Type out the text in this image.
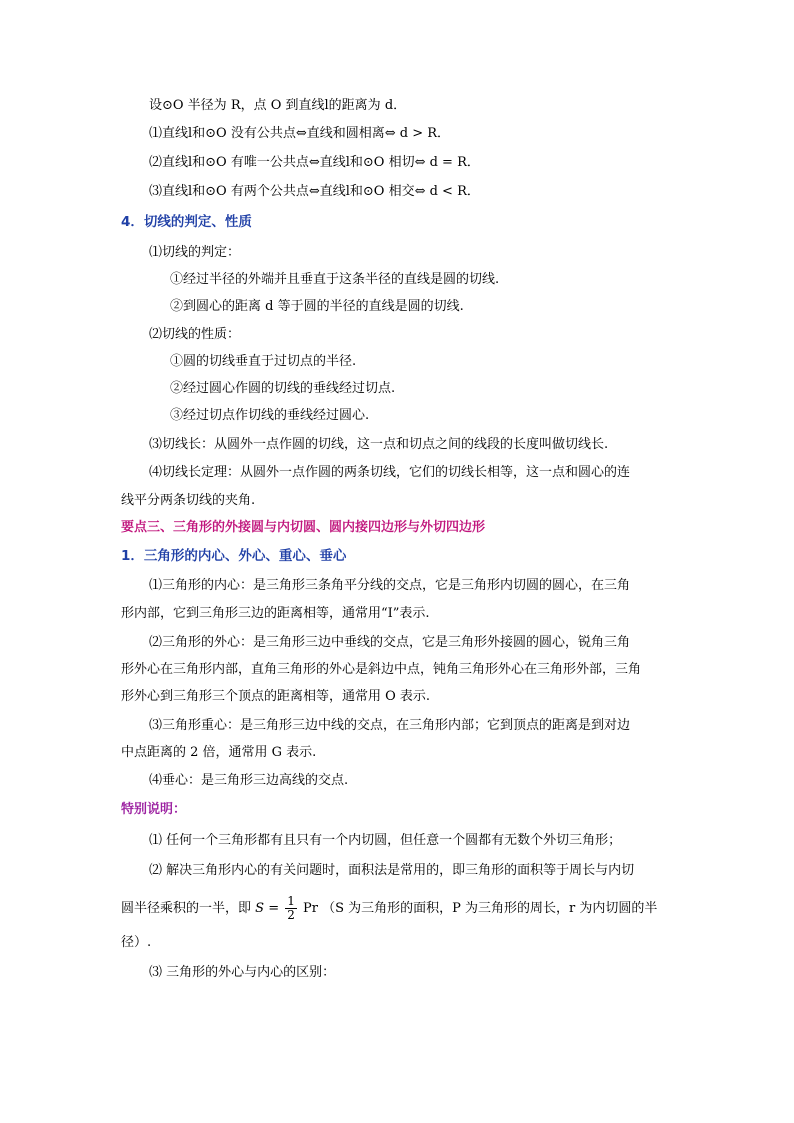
设⊙O 半径为 R，点 O 到直线l的距离为 d．
⑴直线l和⊙O 没有公共点⇔直线和圆相离⇔ d > R．
⑵直线l和⊙O 有唯一公共点⇔直线l和⊙O 相切⇔ d = R．
⑶直线l和⊙O 有两个公共点⇔直线l和⊙O 相交⇔ d < R．
4．切线的判定、性质
⑴切线的判定：
①经过半径的外端并且垂直于这条半径的直线是圆的切线.
②到圆心的距离 d 等于圆的半径的直线是圆的切线.
⑵切线的性质：
①圆的切线垂直于过切点的半径.
②经过圆心作圆的切线的垂线经过切点.
③经过切点作切线的垂线经过圆心.
⑶切线长：从圆外一点作圆的切线，这一点和切点之间的线段的长度叫做切线长.
⑷切线长定理：从圆外一点作圆的两条切线，它们的切线长相等，这一点和圆心的连
线平分两条切线的夹角.
要点三、三角形的外接圆与内切圆、圆内接四边形与外切四边形
1．三角形的内心、外心、重心、垂心
⑴三角形的内心：是三角形三条角平分线的交点，它是三角形内切圆的圆心，在三角
形内部，它到三角形三边的距离相等，通常用“I”表示.
⑵三角形的外心：是三角形三边中垂线的交点，它是三角形外接圆的圆心，锐角三角
形外心在三角形内部，直角三角形的外心是斜边中点，钝角三角形外心在三角形外部，三角
形外心到三角形三个顶点的距离相等，通常用 O 表示.
⑶三角形重心：是三角形三边中线的交点，在三角形内部；它到顶点的距离是到对边
中点距离的 2 倍，通常用 G 表示.
⑷垂心：是三角形三边高线的交点.
特别说明：
⑴ 任何一个三角形都有且只有一个内切圆，但任意一个圆都有无数个外切三角形；
⑵ 解决三角形内心的有关问题时，面积法是常用的，即三角形的面积等于周长与内切
圆半径乘积的一半，即 $S = \frac{1}{2}$ Pr （S 为三角形的面积，P 为三角形的周长，r 为内切圆的半
径）.
⑶ 三角形的外心与内心的区别：
